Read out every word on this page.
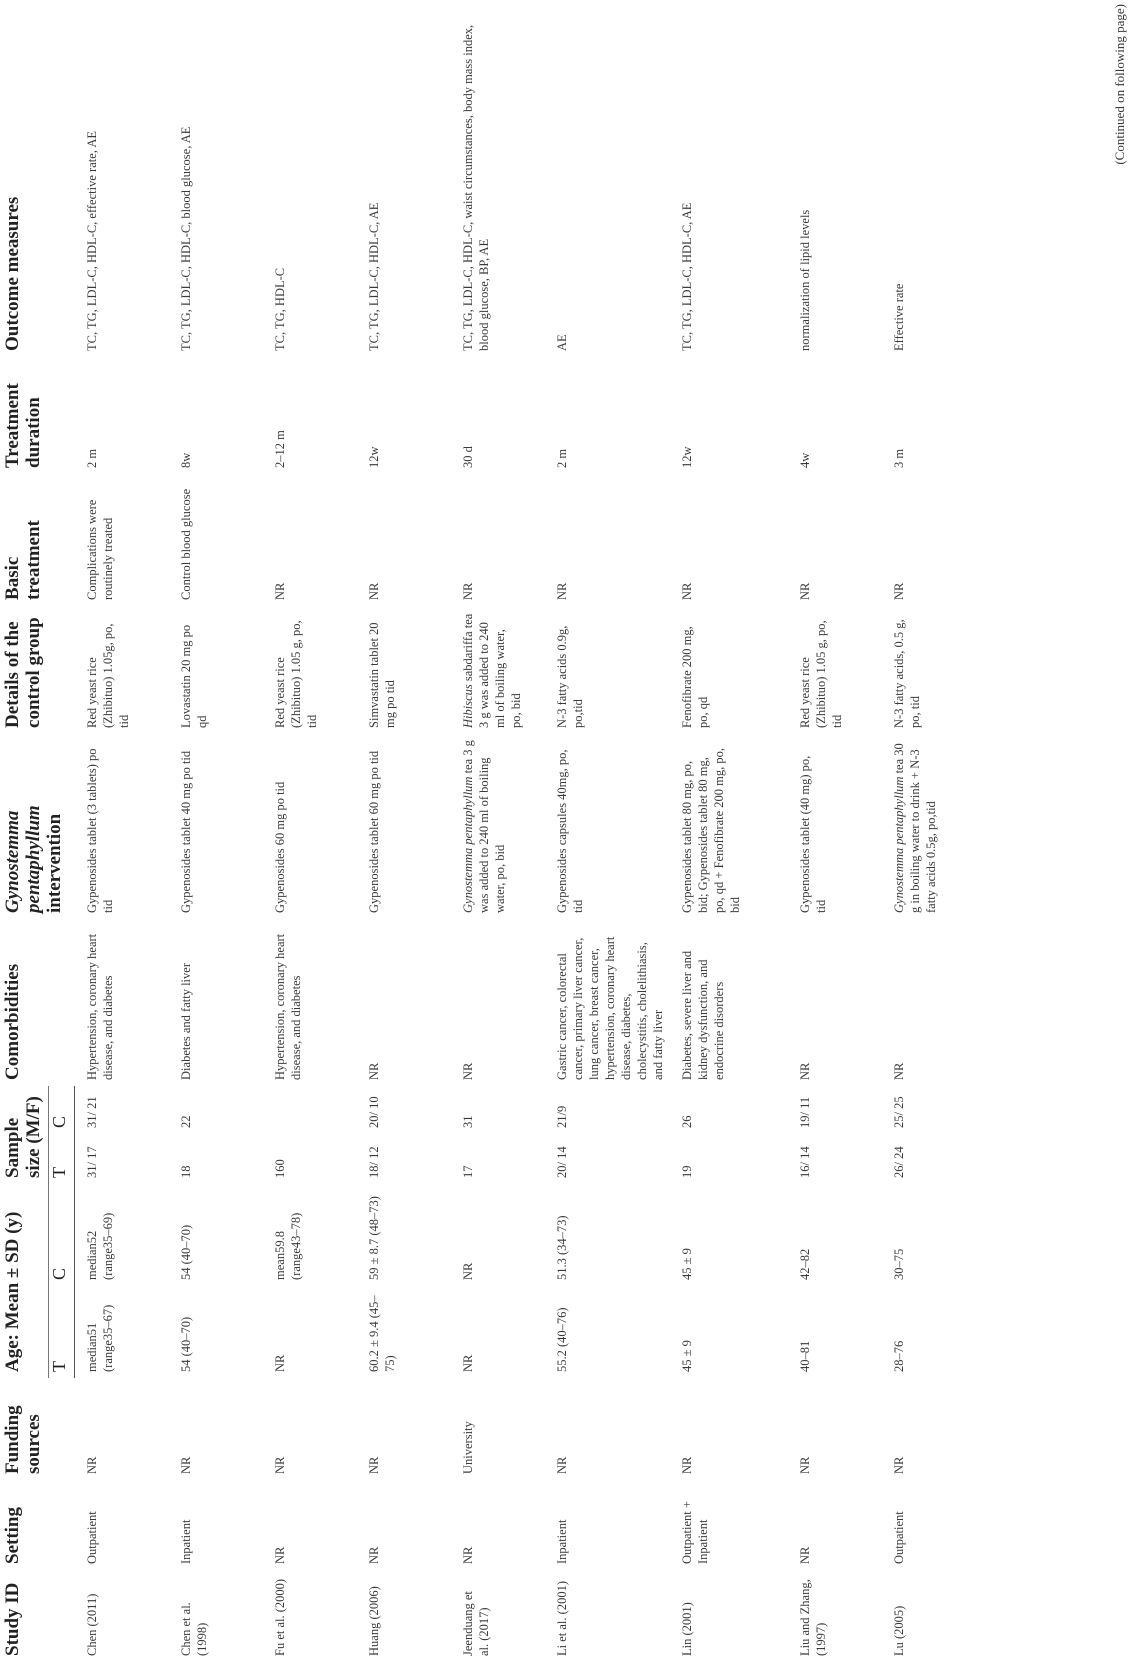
Study ID	Setting	Funding sources	Age: Mean ± SD (y)		Sample size (M/F)		Comorbidities	Gynostemma pentaphyllum intervention	Details of the control group	Basic treatment	Treatment duration	Outcome measures
			T	C	T	C						
Chen (2011)	Outpatient	NR	median51 (range35–67)	median52 (range35–69)	31/ 17	31/ 21	Hypertension, coronary heart disease, and diabetes	Gypenosides tablet (3 tablets) po tid	Red yeast rice (Zhibituo) 1.05g, po, tid	Complications were routinely treated	2 m	TC, TG, LDL-C, HDL-C, effective rate, AE
Chen et al. (1998)	Inpatient	NR	54 (40–70)	54 (40–70)	18	22	Diabetes and fatty liver	Gypenosides tablet 40 mg po tid	Lovastatin 20 mg po qd	Control blood glucose	8w	TC, TG, LDL-C, HDL-C, blood glucose, AE
Fu et al. (2000)	NR	NR	NR	mean59.8 (range43–78)	160		Hypertension, coronary heart disease, and diabetes	Gypenosides 60 mg po tid	Red yeast rice (Zhibituo) 1.05 g, po, tid	NR	2–12 m	TC, TG, HDL-C
Huang (2006)	NR	NR	60.2 ± 9.4 (45–75)	59 ± 8.7 (48–73)	18/ 12	20/ 10	NR	Gypenosides tablet 60 mg po tid	Simvastatin tablet 20 mg po tid	NR	12w	TC, TG, LDL-C, HDL-C, AE
Jeenduang et al. (2017)	NR	University	NR	NR	17	31	NR	Gynostemma pentaphyllum tea 3 g was added to 240 ml of boiling water, po, bid	Hibiscus sabdariffa tea 3 g was added to 240 ml of boiling water, po, bid	NR	30 d	TC, TG, LDL-C, HDL-C, waist circumstances, body mass index, blood glucose, BP, AE
Li et al. (2001)	Inpatient	NR	55.2 (40–76)	51.3 (34–73)	20/ 14	21/9	Gastric cancer, colorectal cancer, primary liver cancer, lung cancer, breast cancer, hypertension, coronary heart disease, diabetes, cholecystitis, cholelithiasis, and fatty liver	Gypenosides capsules 40mg, po, tid	N-3 fatty acids 0.9g, po,tid	NR	2 m	AE
Lin (2001)	Outpatient + Inpatient	NR	45 ± 9	45 ± 9	19	26	Diabetes, severe liver and kidney dysfunction, and endocrine disorders	Gypenosides tablet 80 mg, po, bid; Gypenosides tablet 80 mg, po, qd + Fenofibrate 200 mg, po, bid	Fenofibrate 200 mg, po, qd	NR	12w	TC, TG, LDL-C, HDL-C, AE
Liu and Zhang, (1997)	NR	NR	40–81	42–82	16/ 14	19/ 11	NR	Gypenosides tablet (40 mg) po, tid	Red yeast rice (Zhibituo) 1.05 g, po, tid	NR	4w	normalization of lipid levels
Lu (2005)	Outpatient	NR	28–76	30–75	26/ 24	25/ 25	NR	Gynostemma pentaphyllum tea 30 g in boiling water to drink + N-3 fatty acids 0.5g, po,tid	N-3 fatty acids, 0.5 g, po, tid	NR	3 m	Effective rate
(Continued on following page)
